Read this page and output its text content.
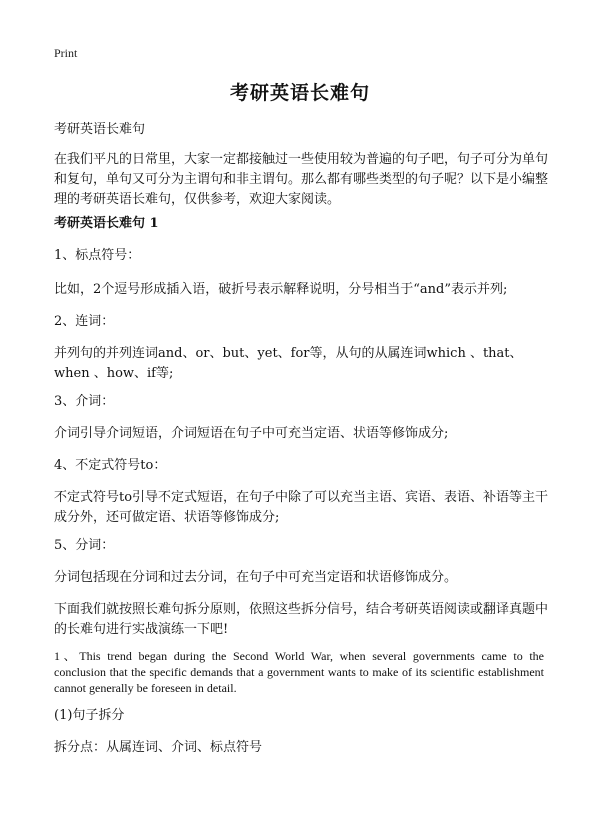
Print
考研英语长难句

考研英语长难句

在我们平凡的日常里，大家一定都接触过一些使用较为普遍的句子吧，句子可分为单句和复句，单句又可分为主谓句和非主谓句。那么都有哪些类型的句子呢？以下是小编整理的考研英语长难句，仅供参考，欢迎大家阅读。

考研英语长难句 1

1、标点符号：

比如，2个逗号形成插入语，破折号表示解释说明，分号相当于“and”表示并列;

2、连词：

并列句的并列连词and、or、but、yet、for等，从句的从属连词which 、that、when 、how、if等;

3、介词：

介词引导介词短语，介词短语在句子中可充当定语、状语等修饰成分;

4、不定式符号to：

不定式符号to引导不定式短语，在句子中除了可以充当主语、宾语、表语、补语等主干成分外，还可做定语、状语等修饰成分;

5、分词：

分词包括现在分词和过去分词，在句子中可充当定语和状语修饰成分。

下面我们就按照长难句拆分原则，依照这些拆分信号，结合考研英语阅读或翻译真题中的长难句进行实战演练一下吧!

1、This trend began during the Second World War, when several governments came to the conclusion that the specific demands that a government wants to make of its scientific establishment cannot generally be foreseen in detail.

(1)句子拆分

拆分点：从属连词、介词、标点符号
